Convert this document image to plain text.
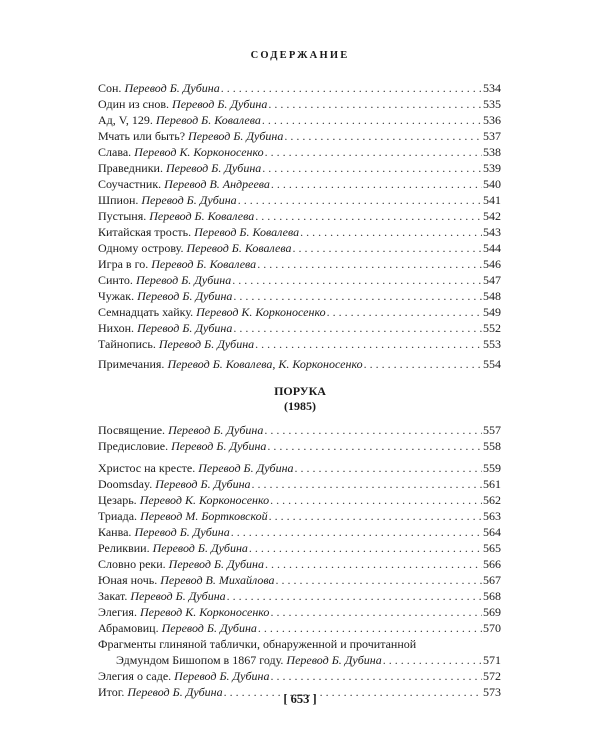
СОДЕРЖАНИЕ
Сон. Перевод Б. Дубина . . .	534
Один из снов. Перевод Б. Дубина . . .	535
Ад, V, 129. Перевод Б. Ковалева . . .	536
Мчать или быть? Перевод Б. Дубина . . .	537
Слава. Перевод К. Корконосенко . . .	538
Праведники. Перевод Б. Дубина . . .	539
Соучастник. Перевод В. Андреева . . .	540
Шпион. Перевод Б. Дубина . . .	541
Пустыня. Перевод Б. Ковалева . . .	542
Китайская трость. Перевод Б. Ковалева . . .	543
Одному острову. Перевод Б. Ковалева . . .	544
Игра в го. Перевод Б. Ковалева . . .	546
Синто. Перевод Б. Дубина . . .	547
Чужак. Перевод Б. Дубина . . .	548
Семнадцать хайку. Перевод К. Корконосенко . . .	549
Нихон. Перевод Б. Дубина . . .	552
Тайнопись. Перевод Б. Дубина . . .	553
Примечания. Перевод Б. Ковалева, К. Корконосенко . . .	554
ПОРУКА
(1985)
Посвящение. Перевод Б. Дубина . . .	557
Предисловие. Перевод Б. Дубина . . .	558
Христос на кресте. Перевод Б. Дубина . . .	559
Doomsday. Перевод Б. Дубина . . .	561
Цезарь. Перевод К. Корконосенко . . .	562
Триада. Перевод М. Бортковской . . .	563
Канва. Перевод Б. Дубина . . .	564
Реликвии. Перевод Б. Дубина . . .	565
Словно реки. Перевод Б. Дубина . . .	566
Юная ночь. Перевод В. Михайлова . . .	567
Закат. Перевод Б. Дубина . . .	568
Элегия. Перевод К. Корконосенко . . .	569
Абрамовиц. Перевод Б. Дубина . . .	570
Фрагменты глиняной таблички, обнаруженной и прочитанной
Эдмундом Бишопом в 1867 году. Перевод Б. Дубина . . .	571
Элегия о саде. Перевод Б. Дубина . . .	572
Итог. Перевод Б. Дубина . . .	573
[ 653 ]
